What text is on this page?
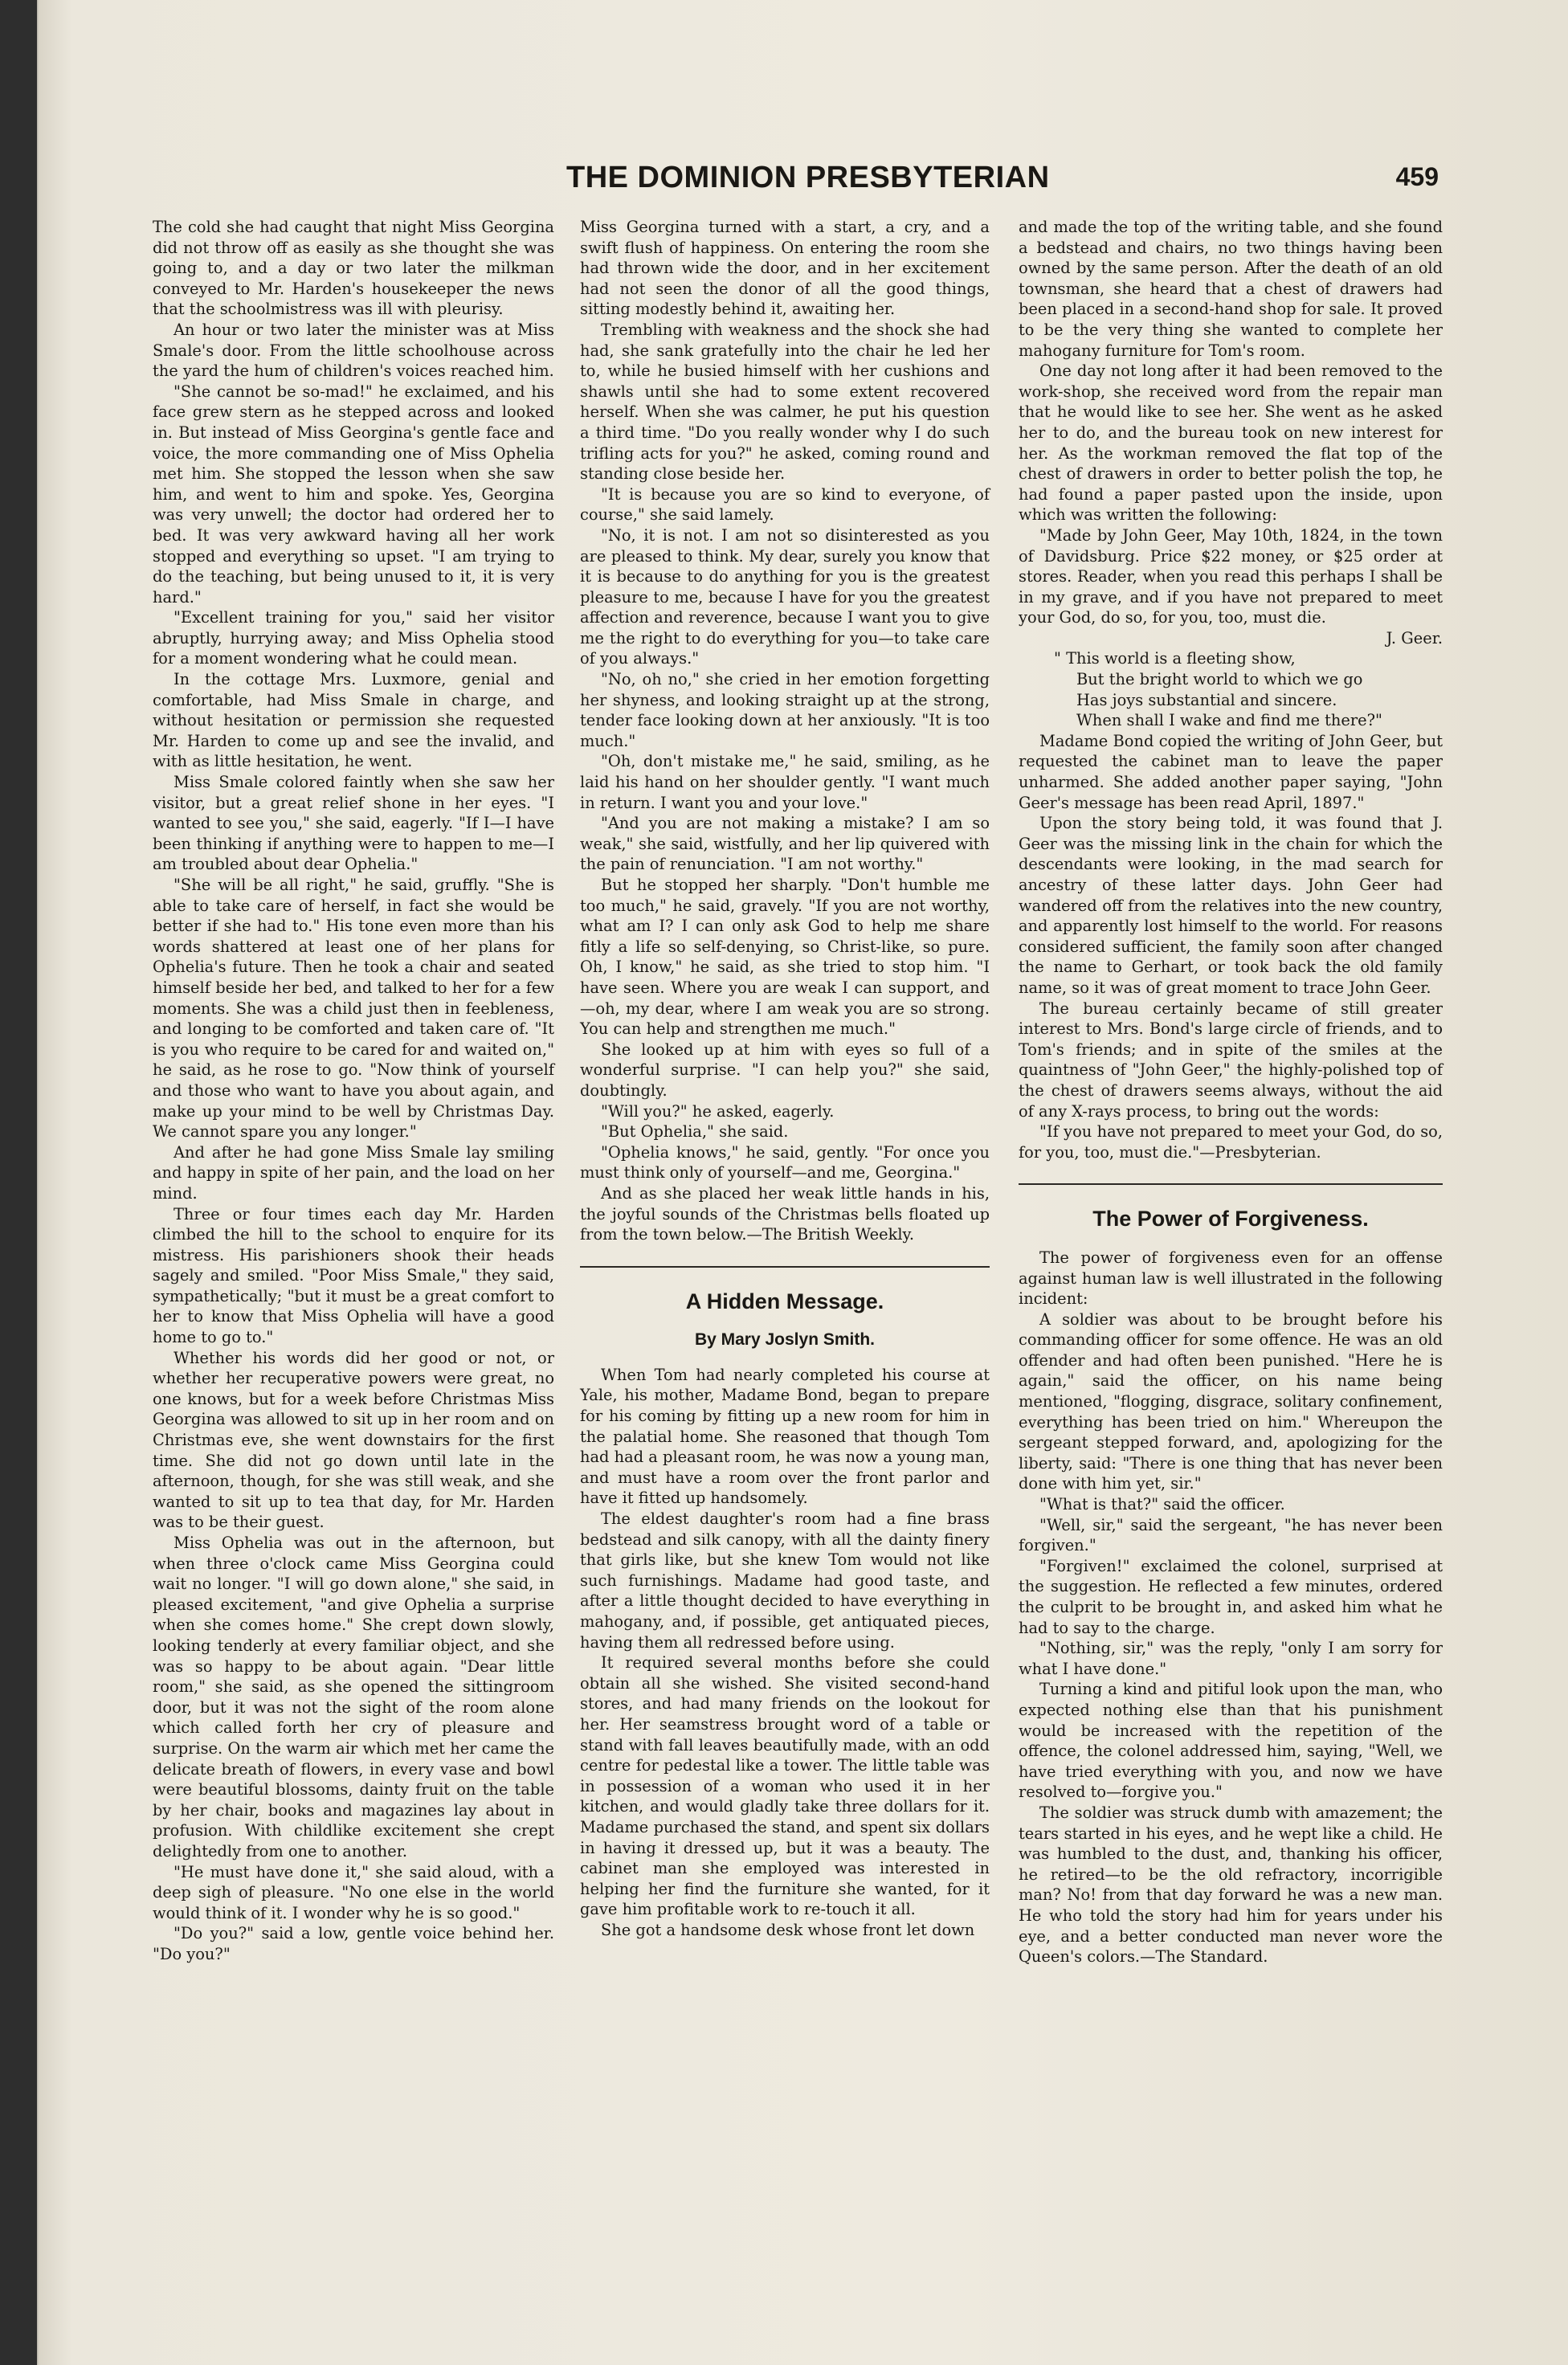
THE DOMINION PRESBYTERIAN	459

The cold she had caught that night Miss Georgina did not throw off as easily as she thought she was going to, and a day or two later the milkman conveyed to Mr. Harden's housekeeper the news that the schoolmistress was ill with pleurisy.

An hour or two later the minister was at Miss Smale's door. From the little schoolhouse across the yard the hum of children's voices reached him.

"She cannot be so-mad!" he exclaimed, and his face grew stern as he stepped across and looked in. But instead of Miss Georgina's gentle face and voice, the more commanding one of Miss Ophelia met him. She stopped the lesson when she saw him, and went to him and spoke. Yes, Georgina was very unwell; the doctor had ordered her to bed. It was very awkward having all her work stopped and everything so upset. "I am trying to do the teaching, but being unused to it, it is very hard."

"Excellent training for you," said her visitor abruptly, hurrying away; and Miss Ophelia stood for a moment wondering what he could mean.

In the cottage Mrs. Luxmore, genial and comfortable, had Miss Smale in charge, and without hesitation or permission she requested Mr. Harden to come up and see the invalid, and with as little hesitation, he went.

Miss Smale colored faintly when she saw her visitor, but a great relief shone in her eyes. "I wanted to see you," she said, eagerly. "If I—I have been thinking if anything were to happen to me—I am troubled about dear Ophelia."

"She will be all right," he said, gruffly. "She is able to take care of herself, in fact she would be better if she had to." His tone even more than his words shattered at least one of her plans for Ophelia's future. Then he took a chair and seated himself beside her bed, and talked to her for a few moments. She was a child just then in feebleness, and longing to be comforted and taken care of. "It is you who require to be cared for and waited on," he said, as he rose to go. "Now think of yourself and those who want to have you about again, and make up your mind to be well by Christmas Day. We cannot spare you any longer."

And after he had gone Miss Smale lay smiling and happy in spite of her pain, and the load on her mind.

Three or four times each day Mr. Harden climbed the hill to the school to enquire for its mistress. His parishioners shook their heads sagely and smiled. "Poor Miss Smale," they said, sympathetically; "but it must be a great comfort to her to know that Miss Ophelia will have a good home to go to."

Whether his words did her good or not, or whether her recuperative powers were great, no one knows, but for a week before Christmas Miss Georgina was allowed to sit up in her room and on Christmas eve, she went downstairs for the first time. She did not go down until late in the afternoon, though, for she was still weak, and she wanted to sit up to tea that day, for Mr. Harden was to be their guest.

Miss Ophelia was out in the afternoon, but when three o'clock came Miss Georgina could wait no longer. "I will go down alone," she said, in pleased excitement, "and give Ophelia a surprise when she comes home." She crept down slowly, looking tenderly at every familiar object, and she was so happy to be about again. "Dear little room," she said, as she opened the sittingroom door, but it was not the sight of the room alone which called forth her cry of pleasure and surprise. On the warm air which met her came the delicate breath of flowers, in every vase and bowl were beautiful blossoms, dainty fruit on the table by her chair, books and magazines lay about in profusion. With childlike excitement she crept delightedly from one to another.

"He must have done it," she said aloud, with a deep sigh of pleasure. "No one else in the world would think of it. I wonder why he is so good."

"Do you?" said a low, gentle voice behind her. "Do you?"

Miss Georgina turned with a start, a cry, and a swift flush of happiness. On entering the room she had thrown wide the door, and in her excitement had not seen the donor of all the good things, sitting modestly behind it, awaiting her.

Trembling with weakness and the shock she had had, she sank gratefully into the chair he led her to, while he busied himself with her cushions and shawls until she had to some extent recovered herself. When she was calmer, he put his question a third time. "Do you really wonder why I do such trifling acts for you?" he asked, coming round and standing close beside her.

"It is because you are so kind to everyone, of course," she said lamely.

"No, it is not. I am not so disinterested as you are pleased to think. My dear, surely you know that it is because to do anything for you is the greatest pleasure to me, because I have for you the greatest affection and reverence, because I want you to give me the right to do everything for you—to take care of you always."

"No, oh no," she cried in her emotion forgetting her shyness, and looking straight up at the strong, tender face looking down at her anxiously. "It is too much."

"Oh, don't mistake me," he said, smiling, as he laid his hand on her shoulder gently. "I want much in return. I want you and your love."

"And you are not making a mistake? I am so weak," she said, wistfully, and her lip quivered with the pain of renunciation. "I am not worthy."

But he stopped her sharply. "Don't humble me too much," he said, gravely. "If you are not worthy, what am I? I can only ask God to help me share fitly a life so self-denying, so Christ-like, so pure. Oh, I know," he said, as she tried to stop him. "I have seen. Where you are weak I can support, and—oh, my dear, where I am weak you are so strong. You can help and strengthen me much."

She looked up at him with eyes so full of a wonderful surprise. "I can help you?" she said, doubtingly.

"Will you?" he asked, eagerly.

"But Ophelia," she said.

"Ophelia knows," he said, gently. "For once you must think only of yourself—and me, Georgina."

And as she placed her weak little hands in his, the joyful sounds of the Christmas bells floated up from the town below.—The British Weekly.

A Hidden Message.
By Mary Joslyn Smith.

When Tom had nearly completed his course at Yale, his mother, Madame Bond, began to prepare for his coming by fitting up a new room for him in the palatial home. She reasoned that though Tom had had a pleasant room, he was now a young man, and must have a room over the front parlor and have it fitted up handsomely.

The eldest daughter's room had a fine brass bedstead and silk canopy, with all the dainty finery that girls like, but she knew Tom would not like such furnishings. Madame had good taste, and after a little thought decided to have everything in mahogany, and, if possible, get antiquated pieces, having them all redressed before using.

It required several months before she could obtain all she wished. She visited second-hand stores, and had many friends on the lookout for her. Her seamstress brought word of a table or stand with fall leaves beautifully made, with an odd centre for pedestal like a tower. The little table was in possession of a woman who used it in her kitchen, and would gladly take three dollars for it. Madame purchased the stand, and spent six dollars in having it dressed up, but it was a beauty. The cabinet man she employed was interested in helping her find the furniture she wanted, for it gave him profitable work to re-touch it all.

She got a handsome desk whose front let down

and made the top of the writing table, and she found a bedstead and chairs, no two things having been owned by the same person. After the death of an old townsman, she heard that a chest of drawers had been placed in a second-hand shop for sale. It proved to be the very thing she wanted to complete her mahogany furniture for Tom's room.

One day not long after it had been removed to the work-shop, she received word from the repair man that he would like to see her. She went as he asked her to do, and the bureau took on new interest for her. As the workman removed the flat top of the chest of drawers in order to better polish the top, he had found a paper pasted upon the inside, upon which was written the following:

"Made by John Geer, May 10th, 1824, in the town of Davidsburg. Price $22 money, or $25 order at stores. Reader, when you read this perhaps I shall be in my grave, and if you have not prepared to meet your God, do so, for you, too, must die.

J. Geer.

" This world is a fleeting show,

But the bright world to which we go

Has joys substantial and sincere.

When shall I wake and find me there?"

Madame Bond copied the writing of John Geer, but requested the cabinet man to leave the paper unharmed. She added another paper saying, "John Geer's message has been read April, 1897."

Upon the story being told, it was found that J. Geer was the missing link in the chain for which the descendants were looking, in the mad search for ancestry of these latter days. John Geer had wandered off from the relatives into the new country, and apparently lost himself to the world. For reasons considered sufficient, the family soon after changed the name to Gerhart, or took back the old family name, so it was of great moment to trace John Geer.

The bureau certainly became of still greater interest to Mrs. Bond's large circle of friends, and to Tom's friends; and in spite of the smiles at the quaintness of "John Geer," the highly-polished top of the chest of drawers seems always, without the aid of any X-rays process, to bring out the words:

"If you have not prepared to meet your God, do so, for you, too, must die."—Presbyterian.

The Power of Forgiveness.

The power of forgiveness even for an offense against human law is well illustrated in the following incident:

A soldier was about to be brought before his commanding officer for some offence. He was an old offender and had often been punished. "Here he is again," said the officer, on his name being mentioned, "flogging, disgrace, solitary confinement, everything has been tried on him." Whereupon the sergeant stepped forward, and, apologizing for the liberty, said: "There is one thing that has never been done with him yet, sir."

"What is that?" said the officer.

"Well, sir," said the sergeant, "he has never been forgiven."

"Forgiven!" exclaimed the colonel, surprised at the suggestion. He reflected a few minutes, ordered the culprit to be brought in, and asked him what he had to say to the charge.

"Nothing, sir," was the reply, "only I am sorry for what I have done."

Turning a kind and pitiful look upon the man, who expected nothing else than that his punishment would be increased with the repetition of the offence, the colonel addressed him, saying, "Well, we have tried everything with you, and now we have resolved to—forgive you."

The soldier was struck dumb with amazement; the tears started in his eyes, and he wept like a child. He was humbled to the dust, and, thanking his officer, he retired—to be the old refractory, incorrigible man? No! from that day forward he was a new man. He who told the story had him for years under his eye, and a better conducted man never wore the Queen's colors.—The Standard.
